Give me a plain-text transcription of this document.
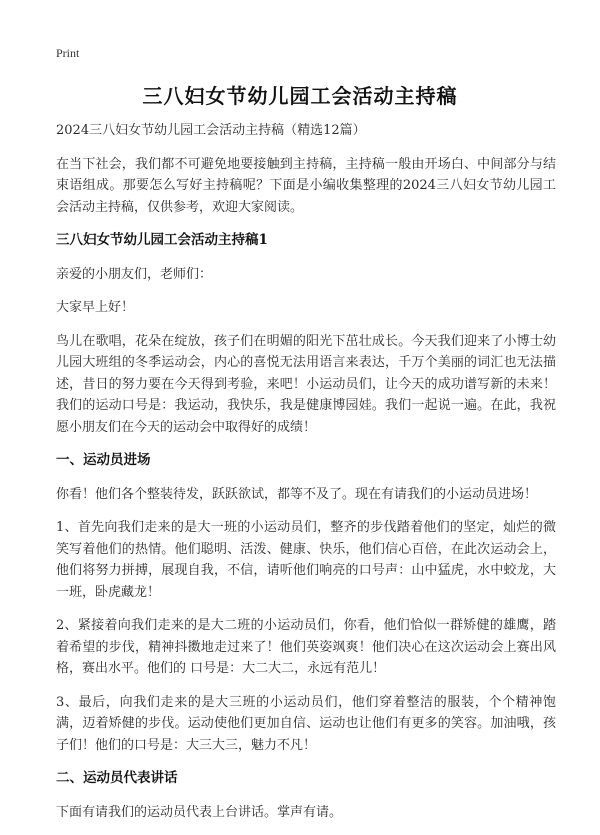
Print
三八妇女节幼儿园工会活动主持稿

2024三八妇女节幼儿园工会活动主持稿（精选12篇）

在当下社会，我们都不可避免地要接触到主持稿，主持稿一般由开场白、中间部分与结束语组成。那要怎么写好主持稿呢？下面是小编收集整理的2024三八妇女节幼儿园工会活动主持稿，仅供参考，欢迎大家阅读。

三八妇女节幼儿园工会活动主持稿1

亲爱的小朋友们，老师们：

大家早上好！

鸟儿在歌唱，花朵在绽放，孩子们在明媚的阳光下茁壮成长。今天我们迎来了小博士幼儿园大班组的冬季运动会，内心的喜悦无法用语言来表达，千万个美丽的词汇也无法描述，昔日的努力要在今天得到考验，来吧！小运动员们，让今天的成功谱写新的未来！我们的运动口号是：我运动，我快乐，我是健康博园娃。我们一起说一遍。在此，我祝愿小朋友们在今天的运动会中取得好的成绩！

一、运动员进场

你看！他们各个整装待发，跃跃欲试，都等不及了。现在有请我们的小运动员进场！

1、首先向我们走来的是大一班的小运动员们，整齐的步伐踏着他们的坚定，灿烂的微笑写着他们的热情。他们聪明、活泼、健康、快乐，他们信心百倍，在此次运动会上，他们将努力拼搏，展现自我，不信，请听他们响亮的口号声：山中猛虎，水中蛟龙，大一班，卧虎藏龙！

2、紧接着向我们走来的是大二班的小运动员们，你看，他们恰似一群矫健的雄鹰，踏着希望的步伐，精神抖擞地走过来了！他们英姿飒爽！他们决心在这次运动会上赛出风格，赛出水平。他们的 口号是：大二大二，永远有范儿！

3、最后，向我们走来的是大三班的小运动员们，他们穿着整洁的服装，个个精神饱满，迈着矫健的步伐。运动使他们更加自信、运动也让他们有更多的笑容。加油哦，孩子们！他们的口号是：大三大三，魅力不凡！

二、运动员代表讲话

下面有请我们的运动员代表上台讲话。掌声有请。
